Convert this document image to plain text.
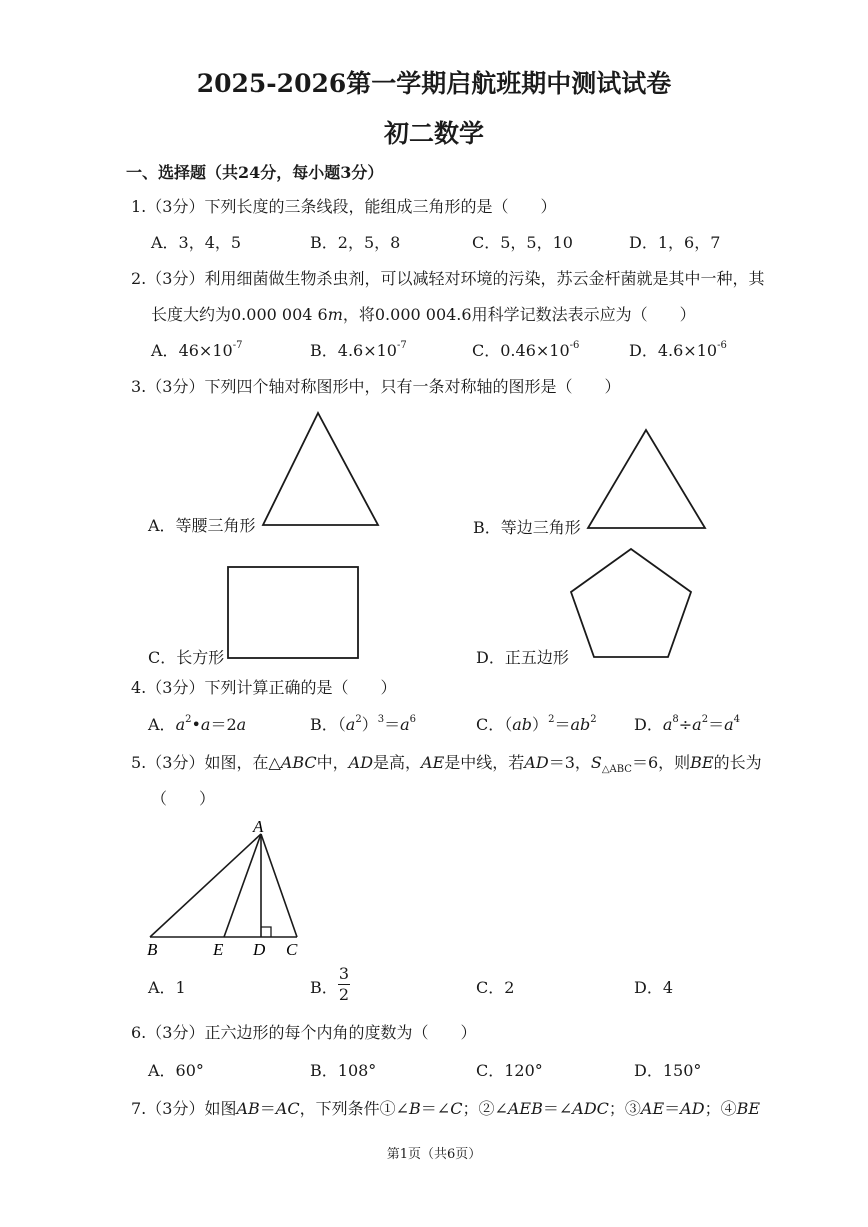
2025-2026第一学期启航班期中测试试卷
初二数学
一、选择题（共24分，每小题3分）
1.（3分）下列长度的三条线段，能组成三角形的是（　　）
A．3，4，5	B．2，5，8	C．5，5，10	D．1，6，7
2.（3分）利用细菌做生物杀虫剂，可以减轻对环境的污染，苏云金杆菌就是其中一种，其
长度大约为0.000 004 6m，将0.000 004.6用科学记数法表示应为（　　）
A．$46\times 10^{-7}$	B．$4.6\times 10^{-7}$	C．$0.46\times 10^{-6}$	D．$4.6\times 10^{-6}$
3.（3分）下列四个轴对称图形中，只有一条对称轴的图形是（　　）
A．等腰三角形	B．等边三角形
C．长方形	D．正五边形
4.（3分）下列计算正确的是（　　）
A．$a^2•a=2a$	B．$(a^2)^3=a^6$	C．$(ab)^2=ab^2$ D．$a^8\div a^2=a^4$
5.（3分）如图，在△ABC中，AD是高，AE是中线，若AD＝3，$S_{\triangle ABC}=6$，则BE的长为
（　　）
A
B	E D C
A．1	B．
3
2	C．2	D．4
6.（3分）正六边形的每个内角的度数为（　　）
A．60°	B．108°	C．120°	D．150°
7.（3分）如图AB＝AC，下列条件①∠B＝∠C；②∠AEB＝∠ADC；③AE＝AD；④BE
第1页（共6页）
